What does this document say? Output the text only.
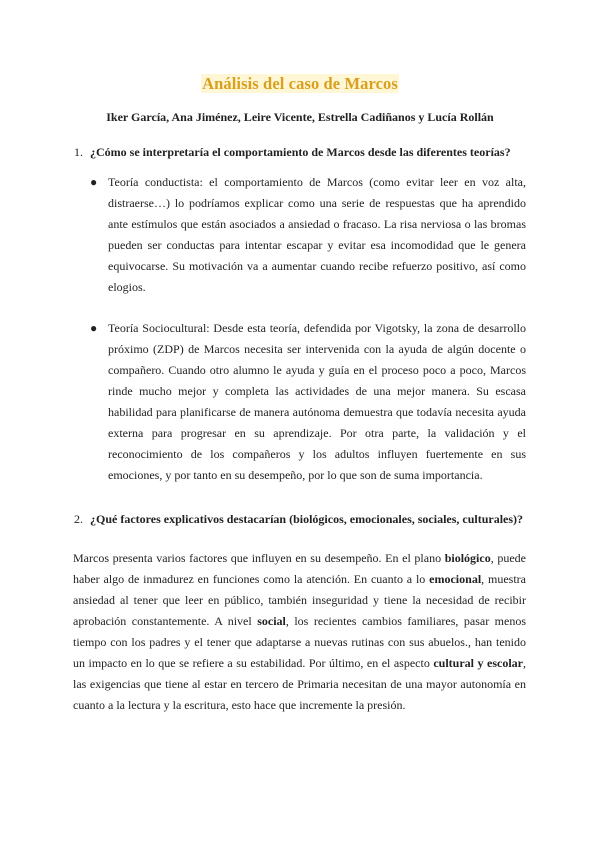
Análisis del caso de Marcos
Iker García, Ana Jiménez, Leire Vicente, Estrella Cadiñanos y Lucía Rollán
1. ¿Cómo se interpretaría el comportamiento de Marcos desde las diferentes teorías?
● Teoría conductista: el comportamiento de Marcos (como evitar leer en voz alta, distraerse…) lo podríamos explicar como una serie de respuestas que ha aprendido ante estímulos que están asociados a ansiedad o fracaso. La risa nerviosa o las bromas pueden ser conductas para intentar escapar y evitar esa incomodidad que le genera equivocarse. Su motivación va a aumentar cuando recibe refuerzo positivo, así como elogios.
● Teoría Sociocultural: Desde esta teoría, defendida por Vigotsky, la zona de desarrollo próximo (ZDP) de Marcos necesita ser intervenida con la ayuda de algún docente o compañero. Cuando otro alumno le ayuda y guía en el proceso poco a poco, Marcos rinde mucho mejor y completa las actividades de una mejor manera. Su escasa habilidad para planificarse de manera autónoma demuestra que todavía necesita ayuda externa para progresar en su aprendizaje. Por otra parte, la validación y el reconocimiento de los compañeros y los adultos influyen fuertemente en sus emociones, y por tanto en su desempeño, por lo que son de suma importancia.
2. ¿Qué factores explicativos destacarían (biológicos, emocionales, sociales, culturales)?
Marcos presenta varios factores que influyen en su desempeño. En el plano biológico, puede haber algo de inmadurez en funciones como la atención. En cuanto a lo emocional, muestra ansiedad al tener que leer en público, también inseguridad y tiene la necesidad de recibir aprobación constantemente. A nivel social, los recientes cambios familiares, pasar menos tiempo con los padres y el tener que adaptarse a nuevas rutinas con sus abuelos., han tenido un impacto en lo que se refiere a su estabilidad. Por último, en el aspecto cultural y escolar, las exigencias que tiene al estar en tercero de Primaria necesitan de una mayor autonomía en cuanto a la lectura y la escritura, esto hace que incremente la presión.
